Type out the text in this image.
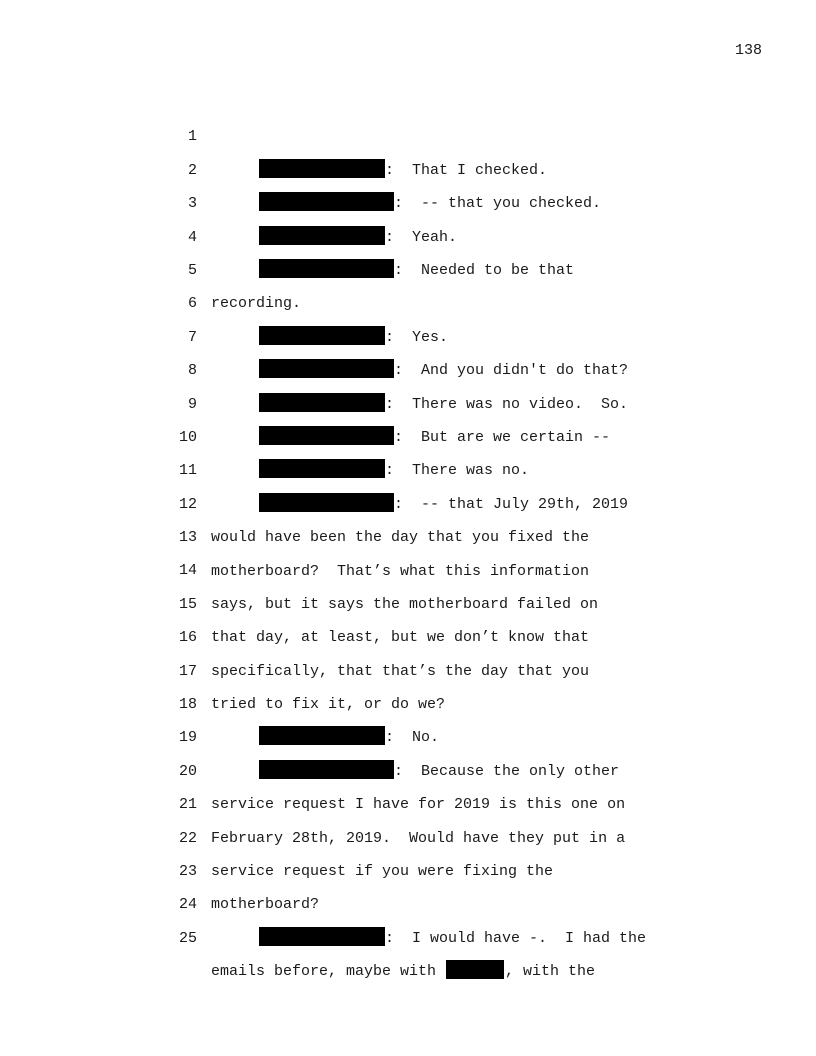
138

1

:  That I checked.

2

:  -- that you checked.

3

:  Yeah.

4

:  Needed to be that

5

recording.

6

:  Yes.

7

:  And you didn't do that?

8

:  There was no video.  So.

9

:  But are we certain --

10

:  There was no.

11

:  -- that July 29th, 2019

12

would have been the day that you fixed the

13

motherboard?  That’s what this information

14

says, but it says the motherboard failed on

15

that day, at least, but we don’t know that

16

specifically, that that’s the day that you

17

tried to fix it, or do we?

18

:  No.

19

:  Because the only other

20

service request I have for 2019 is this one on

21

February 28th, 2019.  Would have they put in a

22

service request if you were fixing the

23

motherboard?

24

:  I would have -.  I had the

25

emails before, maybe with	, with the
